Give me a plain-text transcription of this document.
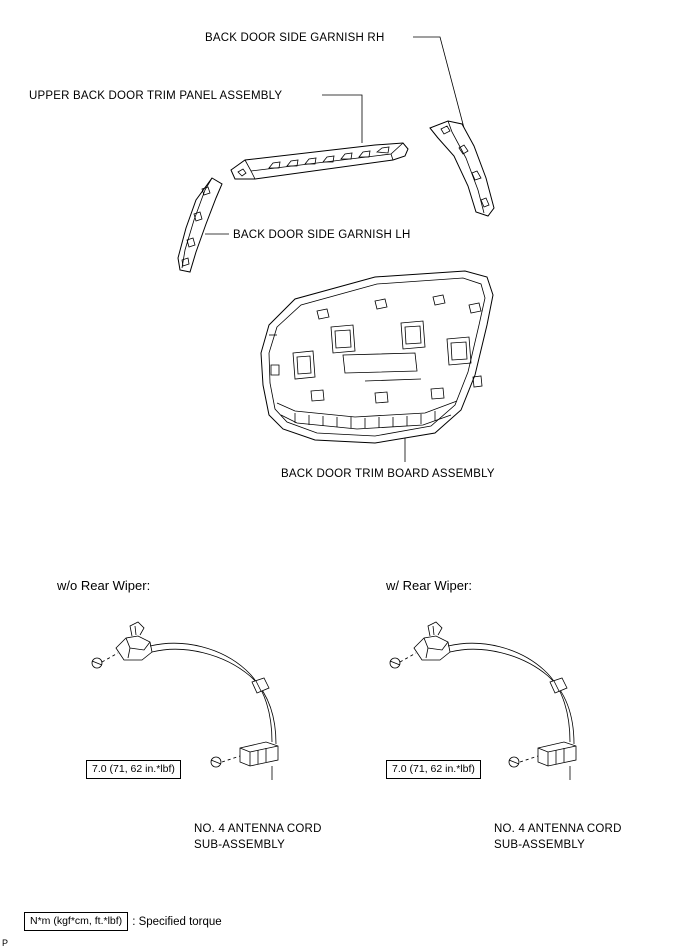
BACK DOOR SIDE GARNISH RH
UPPER BACK DOOR TRIM PANEL ASSEMBLY
BACK DOOR SIDE GARNISH LH
BACK DOOR TRIM BOARD ASSEMBLY
w/o Rear Wiper:	w/ Rear Wiper:
7.0 (71, 62 in.*lbf)
NO. 4 ANTENNA CORD
SUB-ASSEMBLY
7.0 (71, 62 in.*lbf)
NO. 4 ANTENNA CORD
SUB-ASSEMBLY
N*m (kgf*cm, ft.*lbf) : Specified torque
P
